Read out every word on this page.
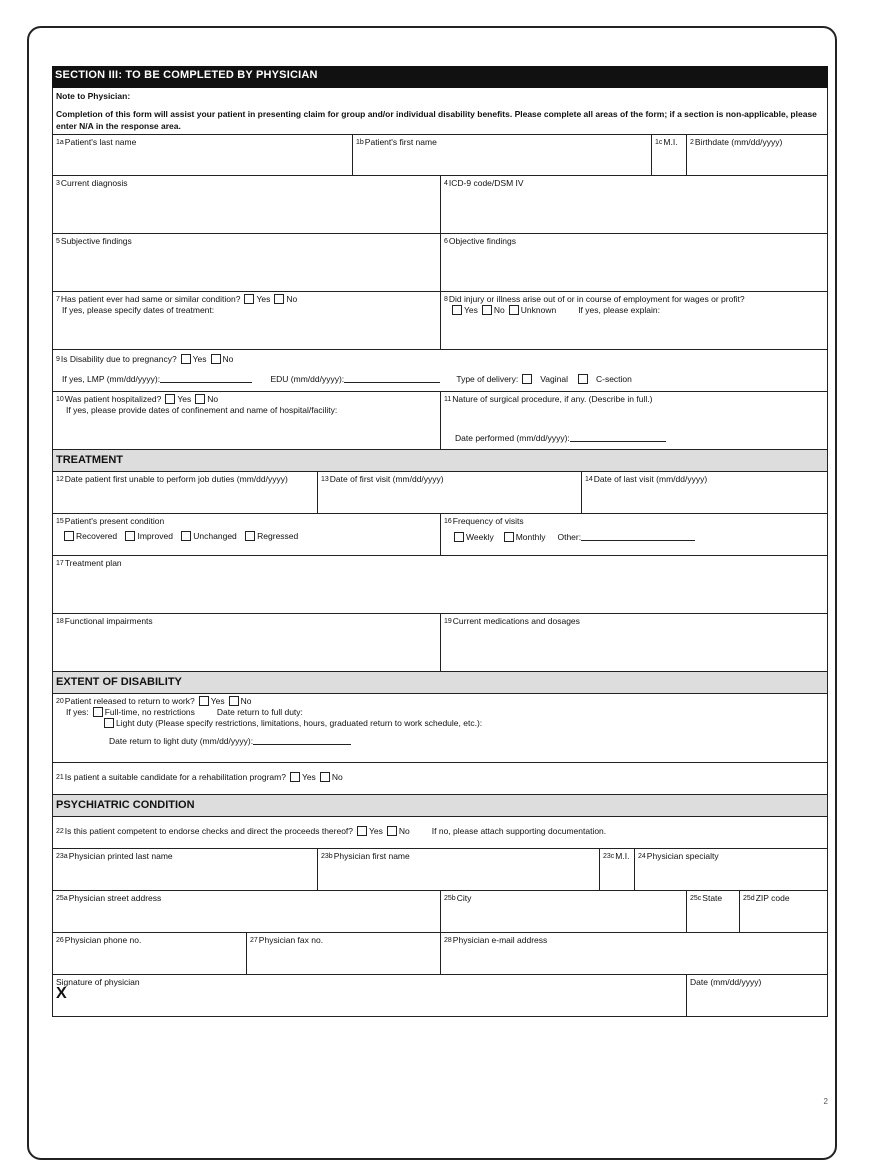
SECTION III: TO BE COMPLETED BY PHYSICIAN

Note to Physician:

Completion of this form will assist your patient in presenting claim for group and/or individual disability benefits. Please complete all areas of the form; if a section is non-applicable, please enter N/A in the response area.

1aPatient's last name	1bPatient's first name	1cM.I.	2Birthdate (mm/dd/yyyy)
3Current diagnosis	4ICD-9 code/DSM IV
5Subjective findings	6Objective findings
7Has patient ever had same or similar condition? Yes No
If yes, please specify dates of treatment:
8Did injury or illness arise out of or in course of employment for wages or profit?
Yes No Unknown	If yes, please explain:
9Is Disability due to pregnancy? Yes No
If yes, LMP (mm/dd/yyyy):	EDU (mm/dd/yyyy):	Type of delivery:	Vaginal	C-section
10Was patient hospitalized? Yes No
If yes, please provide dates of confinement and name of hospital/facility:
11Nature of surgical procedure, if any. (Describe in full.)
Date performed (mm/dd/yyyy):
TREATMENT
12Date patient first unable to perform job duties (mm/dd/yyyy)	13Date of first visit (mm/dd/yyyy)	14Date of last visit (mm/dd/yyyy)
15Patient's present condition
Recovered Improved Unchanged Regressed
16Frequency of visits
Weekly	Monthly Other:
17Treatment plan
18Functional impairments	19Current medications and dosages
EXTENT OF DISABILITY
20Patient released to return to work? Yes No
If yes: Full-time, no restrictions	Date return to full duty:
Light duty (Please specify restrictions, limitations, hours, graduated return to work schedule, etc.):
Date return to light duty (mm/dd/yyyy):
21Is patient a suitable candidate for a rehabilitation program? Yes No
PSYCHIATRIC CONDITION
22Is this patient competent to endorse checks and direct the proceeds thereof? Yes No	If no, please attach supporting documentation.
23aPhysician printed last name	23bPhysician first name	23cM.I.	24Physician specialty
25aPhysician street address	25bCity	25cState	25dZIP code
26Physician phone no.	27Physician fax no.	28Physician e-mail address
Signature of physician
X
Date (mm/dd/yyyy)
2
